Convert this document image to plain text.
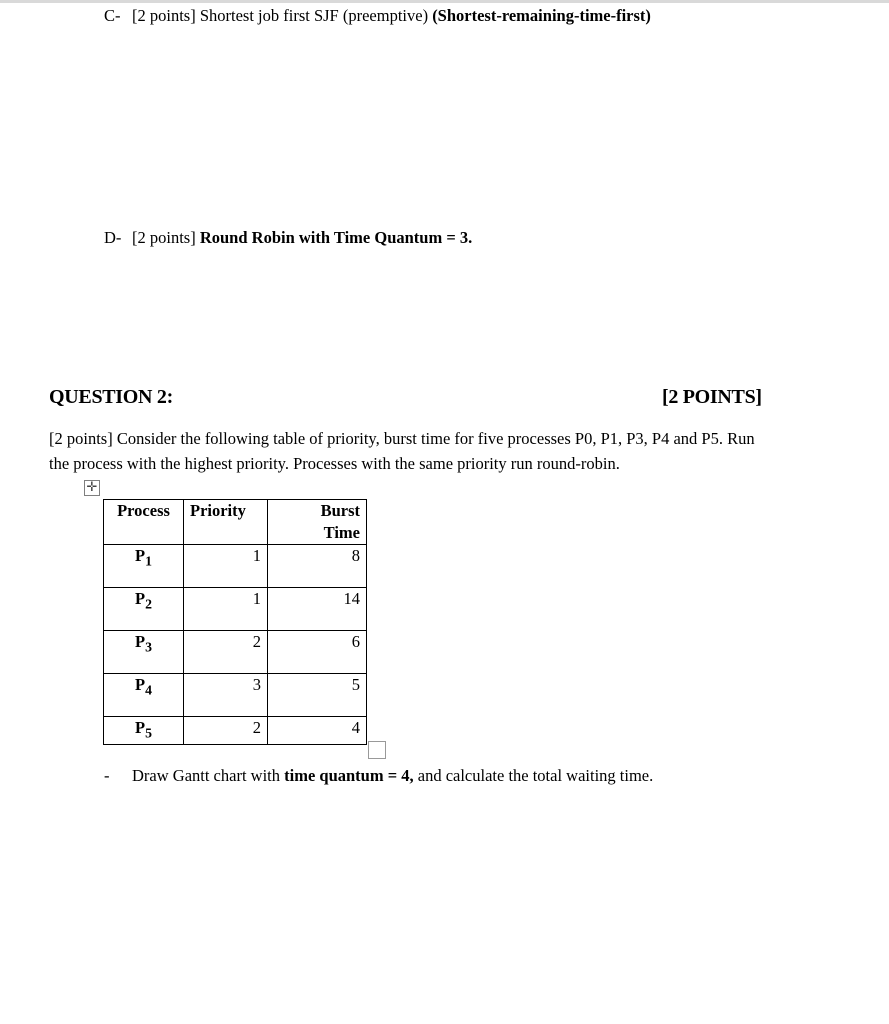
C- [2 points] Shortest job first SJF (preemptive) (Shortest-remaining-time-first)
D- [2 points] Round Robin with Time Quantum = 3.
QUESTION 2:	[2 POINTS]
[2 points] Consider the following table of priority, burst time for five processes P0, P1, P3, P4 and P5. Run
the process with the highest priority. Processes with the same priority run round-robin.
✛
Process	Priority	Burst
Time

$P_1$	1	8
$P_2$	1	14
$P_3$	2	6
$P_4$	3	5
$P_5$	2	4
- Draw Gantt chart with time quantum = 4, and calculate the total waiting time.
